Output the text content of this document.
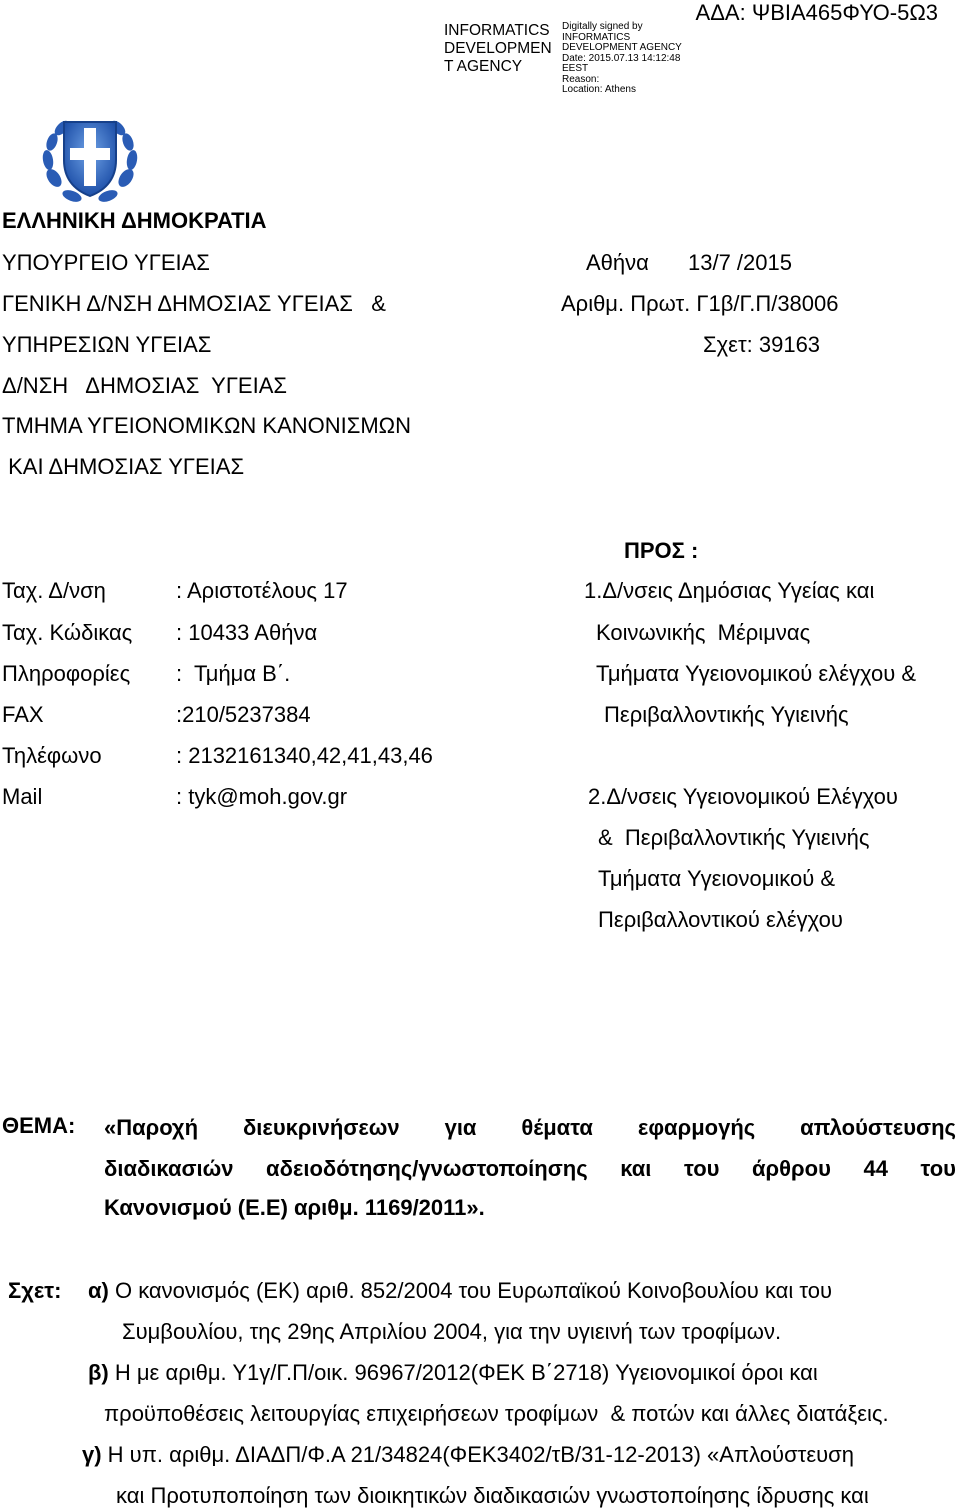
INFORMATICS DEVELOPMEN T AGENCY
Digitally signed by
INFORMATICS
DEVELOPMENT AGENCY
Date: 2015.07.13 14:12:48
EEST
Reason:
Location: Athens
ΑΔΑ: ΨΒΙΑ465ΦΥΟ-5Ω3
ΕΛΛΗΝΙΚΗ ΔΗΜΟΚΡΑΤΙΑ
ΥΠΟΥΡΓΕΙΟ ΥΓΕΙΑΣ
ΓΕΝΙΚΗ Δ/ΝΣΗ ΔΗΜΟΣΙΑΣ ΥΓΕΙΑΣ   &
ΥΠΗΡΕΣΙΩΝ ΥΓΕΙΑΣ
Δ/ΝΣΗ   ΔΗΜΟΣΙΑΣ  ΥΓΕΙΑΣ
ΤΜΗΜΑ ΥΓΕΙΟΝΟΜΙΚΩΝ ΚΑΝΟΝΙΣΜΩΝ
ΚΑΙ ΔΗΜΟΣΙΑΣ ΥΓΕΙΑΣ
Αθήνα 13/7 /2015
Αριθμ. Πρωτ. Γ1β/Γ.Π/38006
Σχετ: 39163
ΠΡΟΣ :
Ταχ. Δ/νση	: Αριστοτέλους 17
Ταχ. Κώδικας : 10433 Αθήνα
Πληροφορίες :  Τμήμα Β΄.
FAX	:210/5237384
Τηλέφωνο	: 2132161340,42,41,43,46
Mail	: tyk@moh.gov.gr
1.Δ/νσεις Δημόσιας Υγείας και
Κοινωνικής  Μέριμνας
Τμήματα Υγειονομικού ελέγχου &
Περιβαλλοντικής Υγιεινής
2.Δ/νσεις Υγειονομικού Ελέγχου
&  Περιβαλλοντικής Υγιεινής
Τμήματα Υγειονομικού &
Περιβαλλοντικού ελέγχου
ΘΕΜΑ: «Παροχή διευκρινήσεων για θέματα εφαρμογής απλούστευσης
διαδικασιών αδειοδότησης/γνωστοποίησης και του άρθρου 44 του
Κανονισμού (Ε.Ε) αριθμ. 1169/2011».
Σχετ: α) Ο κανονισμός (ΕΚ) αριθ. 852/2004 του Ευρωπαϊκού Κοινοβουλίου και του
Συμβουλίου, της 29ης Απριλίου 2004, για την υγιεινή των τροφίμων.
β) Η με αριθμ. Υ1γ/Γ.Π/οικ. 96967/2012(ΦΕΚ Β΄2718) Υγειονομικοί όροι και
προϋποθέσεις λειτουργίας επιχειρήσεων τροφίμων  & ποτών και άλλες διατάξεις.
γ) Η υπ. αριθμ. ΔΙΑΔΠ/Φ.Α 21/34824(ΦΕΚ3402/τΒ/31-12-2013) «Απλούστευση
και Προτυποποίηση των διοικητικών διαδικασιών γνωστοποίησης ίδρυσης και
